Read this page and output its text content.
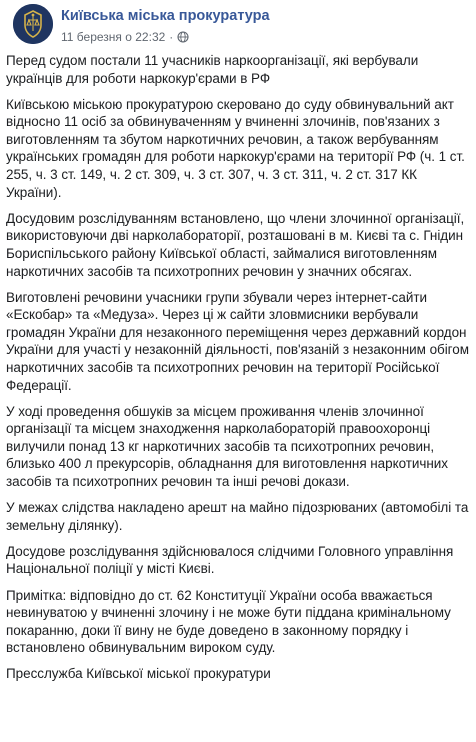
Київська міська прокуратура
11 березня о 22:32 ·

Перед судом постали 11 учасників наркоорганізації, які вербували українців для роботи наркокур'єрами в РФ

Київською міською прокуратурою скеровано до суду обвинувальний акт відносно 11 осіб за обвинуваченням у вчиненні злочинів, пов'язаних з виготовленням та збутом наркотичних речовин, а також вербуванням українських громадян для роботи наркокур'єрами на території РФ (ч. 1 ст. 255, ч. 3 ст. 149, ч. 2 ст. 309, ч. 3 ст. 307, ч. 3 ст. 311, ч. 2 ст. 317 КК України).

Досудовим розслідуванням встановлено, що члени злочинної організації, використовуючи дві нарколабораторії, розташовані в м. Києві та с. Гнідин Бориспільського району Київської області, займалися виготовленням наркотичних засобів та психотропних речовин у значних обсягах.

Виготовлені речовини учасники групи збували через інтернет-сайти «Ескобар» та «Медуза». Через ці ж сайти зловмисники вербували громадян України для незаконного переміщення через державний кордон України для участі у незаконній діяльності, пов'язаній з незаконним обігом наркотичних засобів та психотропних речовин на території Російської Федерації.

У ході проведення обшуків за місцем проживання членів злочинної організації та місцем знаходження нарколабораторій правоохоронці вилучили понад 13 кг наркотичних засобів та психотропних речовин, близько 400 л прекурсорів, обладнання для виготовлення наркотичних засобів та психотропних речовин та інші речові докази.

У межах слідства накладено арешт на майно підозрюваних (автомобілі та земельну ділянку).

Досудове розслідування здійснювалося слідчими Головного управління Національної поліції у місті Києві.

Примітка: відповідно до ст. 62 Конституції України особа вважається невинуватою у вчиненні злочину і не може бути піддана кримінальному покаранню, доки її вину не буде доведено в законному порядку і встановлено обвинувальним вироком суду.

Пресслужба Київської міської прокуратури
